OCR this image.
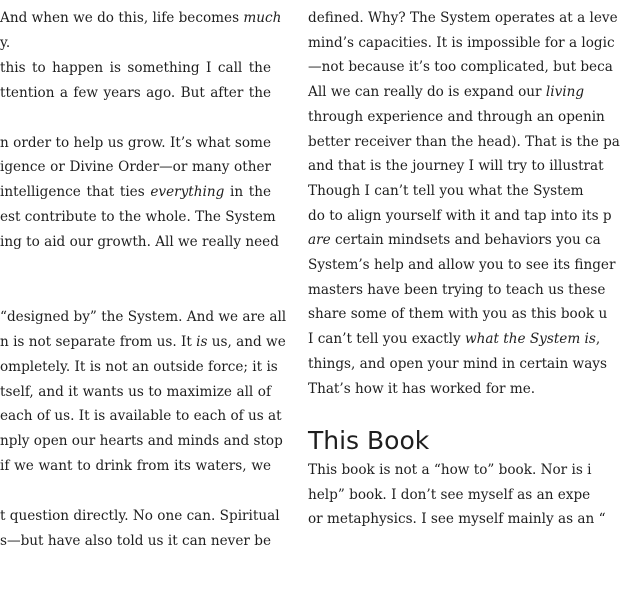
And when we do this, life becomes much
y.
this to happen is something I call the
ttention a few years ago. But after the
n order to help us grow. It’s what some
igence or Divine Order—or many other
intelligence that ties everything in the
est contribute to the whole. The System
ing to aid our growth. All we really need
“designed by” the System. And we are all
n is not separate from us. It is us, and we
ompletely. It is not an outside force; it is
tself, and it wants us to maximize all of
each of us. It is available to each of us at
nply open our hearts and minds and stop
if we want to drink from its waters, we
t question directly. No one can. Spiritual
s—but have also told us it can never be
This Book
defined. Why? The System operates at a leve
mind’s capacities. It is impossible for a logic
—not because it’s too complicated, but beca
All we can really do is expand our living
through experience and through an openin
better receiver than the head). That is the pa
and that is the journey I will try to illustrat
Though I can’t tell you what the System
do to align yourself with it and tap into its p
are certain mindsets and behaviors you ca
System’s help and allow you to see its finger
masters have been trying to teach us these
share some of them with you as this book u
I can’t tell you exactly what the System is,
things, and open your mind in certain ways
That’s how it has worked for me.
This book is not a “how to” book. Nor is i
help” book. I don’t see myself as an expe
or metaphysics. I see myself mainly as an “
